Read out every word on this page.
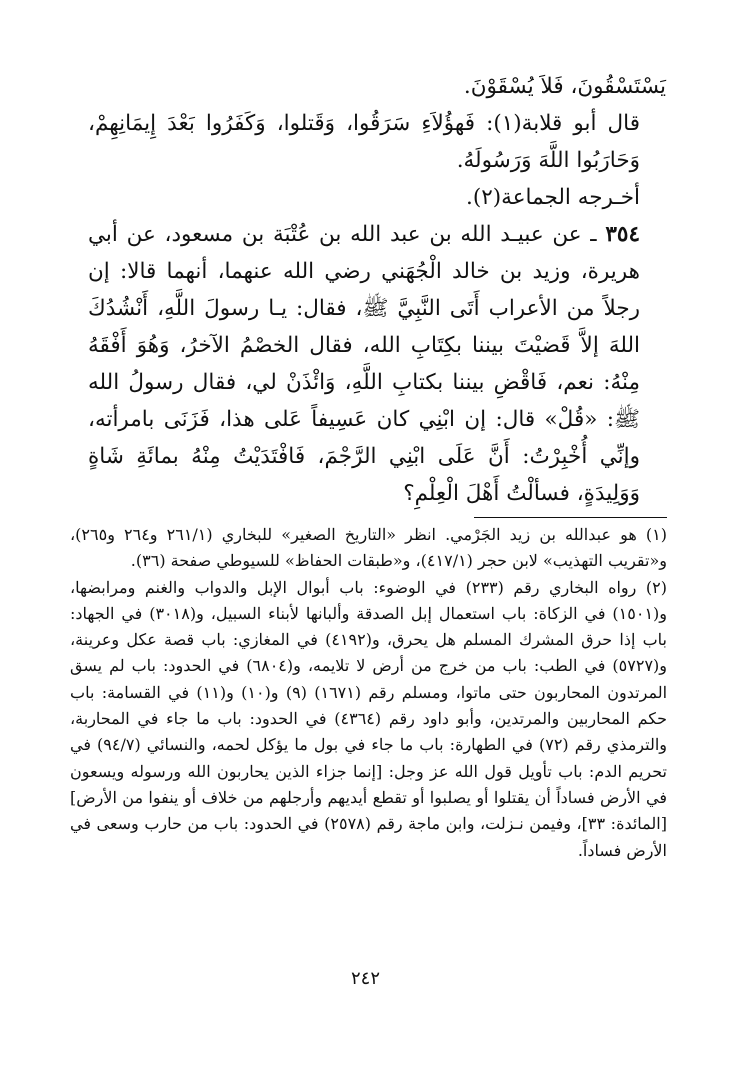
يَسْتَسْقُونَ، فَلاَ يُسْقَوْنَ.

قال أبو قلابة(١): فَهؤُلاَءِ سَرَقُوا، وَقَتلوا، وَكَفَرُوا بَعْدَ إِيمَانِهِمْ، وَحَارَبُوا اللَّهَ وَرَسُولَهُ.

أخـرجه الجماعة(٢).

٣٥٤ ـ عن عبيـد الله بن عبد الله بن عُتْبَة بن مسعود، عن أبي هريرة، وزيد بن خالد الْجُهَني رضي الله عنهما، أنهما قالا: إن رجلاً من الأعراب أَتَى النَّبِيَّ ﷺ، فقال: يـا رسولَ اللَّهِ، أَنْشُدُكَ اللهَ إلاَّ قَضيْتَ بيننا بكِتَابِ الله، فقال الخصْمُ الآخرُ، وَهُوَ أَفْقَهُ مِنْهُ: نعم، فَاقْضِ بيننا بكتابِ اللَّهِ، وَائْذَنْ لي، فقال رسولُ الله ﷺ: «قُلْ» قال: إن ابْنِي كان عَسِيفاً عَلى هذا، فَزَنَى بامرأته، وإنِّي أُخْبِرْتُ: أَنَّ عَلَى ابْنِي الرَّجْمَ، فَافْتَدَيْتُ مِنْهُ بمائَةِ شَاةٍ وَوَلِيدَةٍ، فسألْتُ أَهْلَ الْعِلْمِ؟

(١) هو عبدالله بن زيد الجَرْمي. انظر «التاريخ الصغير» للبخاري (٢٦١/١ و٢٦٤ و٢٦٥)، و«تقريب التهذيب» لابن حجر (٤١٧/١)، و«طبقات الحفاظ» للسيوطي صفحة (٣٦).

(٢) رواه البخاري رقم (٢٣٣) في الوضوء: باب أبوال الإبل والدواب والغنم ومرابضها، و(١٥٠١) في الزكاة: باب استعمال إبل الصدقة وألبانها لأبناء السبيل، و(٣٠١٨) في الجهاد: باب إذا حرق المشرك المسلم هل يحرق، و(٤١٩٢) في المغازي: باب قصة عكل وعرينة، و(٥٧٢٧) في الطب: باب من خرج من أرض لا تلايمه، و(٦٨٠٤) في الحدود: باب لم يسق المرتدون المحاربون حتى ماتوا، ومسلم رقم (١٦٧١) (٩) و(١٠) و(١١) في القسامة: باب حكم المحاربين والمرتدين، وأبو داود رقم (٤٣٦٤) في الحدود: باب ما جاء في المحاربة، والترمذي رقم (٧٢) في الطهارة: باب ما جاء في بول ما يؤكل لحمه، والنسائي (٩٤/٧) في تحريم الدم: باب تأويل قول الله عز وجل: [إنما جزاء الذين يحاربون الله ورسوله ويسعون في الأرض فساداً أن يقتلوا أو يصلبوا أو تقطع أيديهم وأرجلهم من خلاف أو ينفوا من الأرض] [المائدة: ٣٣]، وفيمن نـزلت، وابن ماجة رقم (٢٥٧٨) في الحدود: باب من حارب وسعى في الأرض فساداً.

٢٤٢
